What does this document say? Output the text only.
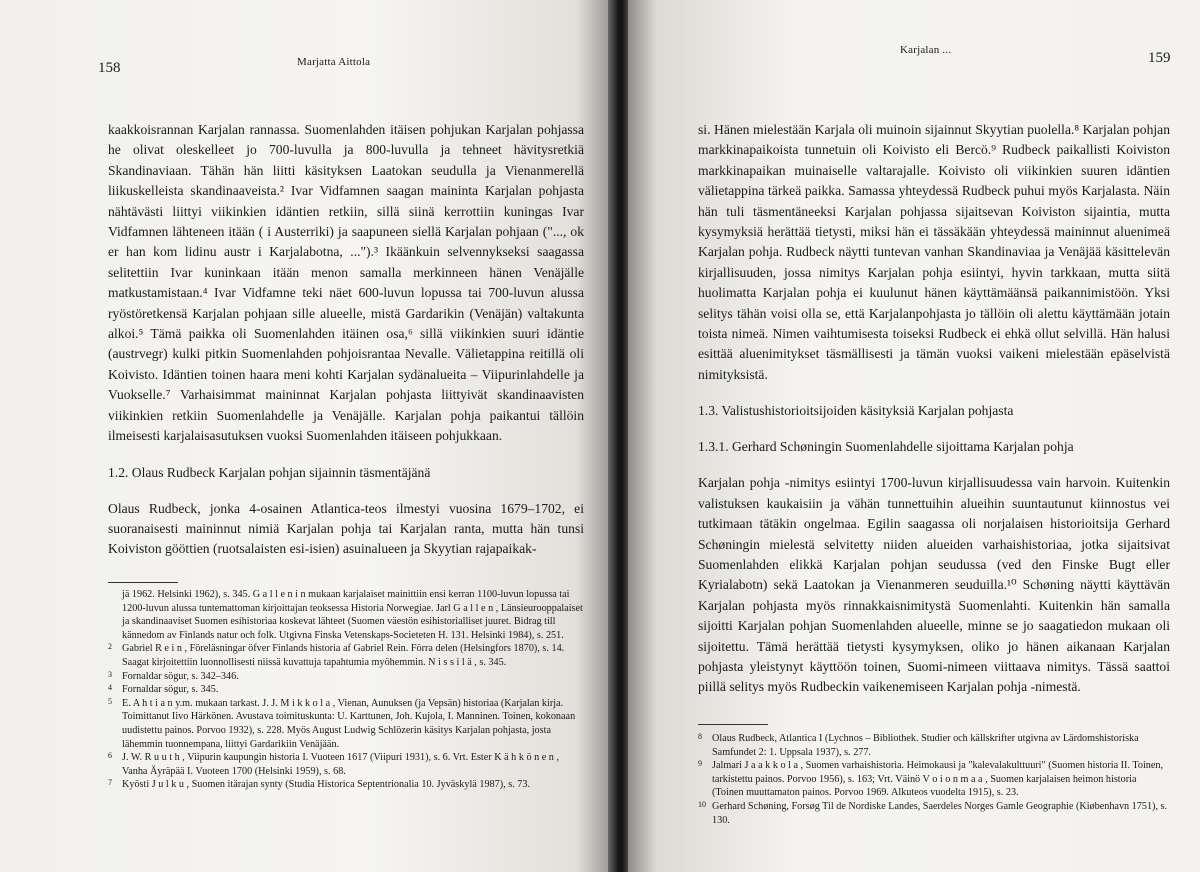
158	Marjatta Aittola

kaakkoisrannan Karjalan rannassa. Suomenlahden itäisen pohjukan Karjalan pohjassa he olivat oleskelleet jo 700-luvulla ja 800-luvulla ja tehneet hävitysretkiä Skandinaviaan. Tähän hän liitti käsityksen Laatokan seudulla ja Vienanmerellä liikuskelleista skandinaaveista.² Ivar Vidfamnen saagan maininta Karjalan pohjasta nähtävästi liittyi viikinkien idäntien retkiin, sillä siinä kerrottiin kuningas Ivar Vidfamnen lähteneen itään ( i Austerriki) ja saapuneen siellä Karjalan pohjaan ("..., ok er han kom lidinu austr i Karjalabotna, ...").³ Ikäänkuin selvennykseksi saagassa selitettiin Ivar kuninkaan itään menon samalla merkinneen hänen Venäjälle matkustamistaan.⁴ Ivar Vidfamne teki näet 600-luvun lopussa tai 700-luvun alussa ryöstöretkensä Karjalan pohjaan sille alueelle, mistä Gardarikin (Venäjän) valtakunta alkoi.⁵ Tämä paikka oli Suomenlahden itäinen osa,⁶ sillä viikinkien suuri idäntie (austrvegr) kulki pitkin Suomenlahden pohjoisrantaa Nevalle. Välietappina reitillä oli Koivisto. Idäntien toinen haara meni kohti Karjalan sydänalueita – Viipurinlahdelle ja Vuokselle.⁷ Varhaisimmat maininnat Karjalan pohjasta liittyivät skandinaavisten viikinkien retkiin Suomenlahdelle ja Venäjälle. Karjalan pohja paikantui tällöin ilmeisesti karjalaisasutuksen vuoksi Suomenlahden itäiseen pohjukkaan.

1.2. Olaus Rudbeck Karjalan pohjan sijainnin täsmentäjänä

Olaus Rudbeck, jonka 4-osainen Atlantica-teos ilmestyi vuosina 1679–1702, ei suoranaisesti maininnut nimiä Karjalan pohja tai Karjalan ranta, mutta hän tunsi Koiviston gööttien (ruotsalaisten esi-isien) asuinalueen ja Skyytian rajapaikak-

jä 1962. Helsinki 1962), s. 345. G a l l e n i n mukaan karjalaiset mainittiin ensi kerran 1100-luvun lopussa tai 1200-luvun alussa tuntemattoman kirjoittajan teoksessa Historia Norwegiae. Jarl G a l l e n , Länsieurooppalaiset ja skandinaaviset Suomen esihistoriaa koskevat lähteet (Suomen väestön esihistorialliset juuret. Bidrag till kännedom av Finlands natur och folk. Utgivna Finska Vetenskaps-Societeten H. 131. Helsinki 1984), s. 251.
2 Gabriel R e i n , Föreläsningar öfver Finlands historia af Gabriel Rein. Förra delen (Helsingfors 1870), s. 14. Saagat kirjoitettiin luonnollisesti niissä kuvattuja tapahtumia myöhemmin. N i s s i l ä , s. 345.
3 Fornaldar sögur, s. 342–346.
4 Fornaldar sögur, s. 345.
5 E. A h t i a n y.m. mukaan tarkast. J. J. M i k k o l a , Vienan, Aunuksen (ja Vepsän) historiaa (Karjalan kirja. Toimittanut Iivo Härkönen. Avustava toimituskunta: U. Karttunen, Joh. Kujola, I. Manninen. Toinen, kokonaan uudistettu painos. Porvoo 1932), s. 228. Myös August Ludwig Schlözerin käsitys Karjalan pohjasta, josta lähemmin tuonnempana, liittyi Gardarikiin Venäjään.
6 J. W. R u u t h , Viipurin kaupungin historia I. Vuoteen 1617 (Viipuri 1931), s. 6. Vrt. Ester K ä h k ö n e n , Vanha Äyräpää I. Vuoteen 1700 (Helsinki 1959), s. 68.
7 Kyösti J u l k u , Suomen itärajan synty (Studia Historica Septentrionalia 10. Jyväskylä 1987), s. 73.
Karjalan ...	159

si. Hänen mielestään Karjala oli muinoin sijainnut Skyytian puolella.⁸ Karjalan pohjan markkinapaikoista tunnetuin oli Koivisto eli Bercö.⁹ Rudbeck paikallisti Koiviston markkinapaikan muinaiselle valtarajalle. Koivisto oli viikinkien suuren idäntien välietappina tärkeä paikka. Samassa yhteydessä Rudbeck puhui myös Karjalasta. Näin hän tuli täsmentäneeksi Karjalan pohjassa sijaitsevan Koiviston sijaintia, mutta kysymyksiä herättää tietysti, miksi hän ei tässäkään yhteydessä maininnut aluenimeä Karjalan pohja. Rudbeck näytti tuntevan vanhan Skandinaviaa ja Venäjää käsittelevän kirjallisuuden, jossa nimitys Karjalan pohja esiintyi, hyvin tarkkaan, mutta siitä huolimatta Karjalan pohja ei kuulunut hänen käyttämäänsä paikannimistöön. Yksi selitys tähän voisi olla se, että Karjalanpohjasta jo tällöin oli alettu käyttämään jotain toista nimeä. Nimen vaihtumisesta toiseksi Rudbeck ei ehkä ollut selvillä. Hän halusi esittää aluenimitykset täsmällisesti ja tämän vuoksi vaikeni mielestään epäselvistä nimityksistä.

1.3. Valistushistorioitsijoiden käsityksiä Karjalan pohjasta
1.3.1. Gerhard Schøningin Suomenlahdelle sijoittama Karjalan pohja

Karjalan pohja -nimitys esiintyi 1700-luvun kirjallisuudessa vain harvoin. Kuitenkin valistuksen kaukaisiin ja vähän tunnettuihin alueihin suuntautunut kiinnostus vei tutkimaan tätäkin ongelmaa. Egilin saagassa oli norjalaisen historioitsija Gerhard Schøningin mielestä selvitetty niiden alueiden varhaishistoriaa, jotka sijaitsivat Suomenlahden elikkä Karjalan pohjan seudussa (ved den Finske Bugt eller Kyrialabotn) sekä Laatokan ja Vienanmeren seuduilla.¹⁰ Schøning näytti käyttävän Karjalan pohjasta myös rinnakkaisnimitystä Suomenlahti. Kuitenkin hän samalla sijoitti Karjalan pohjan Suomenlahden alueelle, minne se jo saagatiedon mukaan oli sijoitettu. Tämä herättää tietysti kysymyksen, oliko jo hänen aikanaan Karjalan pohjasta yleistynyt käyttöön toinen, Suomi-nimeen viittaava nimitys. Tässä saattoi piillä selitys myös Rudbeckin vaikenemiseen Karjalan pohja -nimestä.

8 Olaus Rudbeck, Atlantica I (Lychnos – Bibliothek. Studier och källskrifter utgivna av Lärdomshistoriska Samfundet 2: 1. Uppsala 1937), s. 277.
9 Jalmari J a a k k o l a , Suomen varhaishistoria. Heimokausi ja "kalevalakulttuuri" (Suomen historia II. Toinen, tarkistettu painos. Porvoo 1956), s. 163; Vrt. Väinö V o i o n m a a , Suomen karjalaisen heimon historia (Toinen muuttamaton painos. Porvoo 1969. Alkuteos vuodelta 1915), s. 23.
10 Gerhard Schøning, Forsøg Til de Nordiske Landes, Saerdeles Norges Gamle Geographie (Kiøbenhavn 1751), s. 130.
